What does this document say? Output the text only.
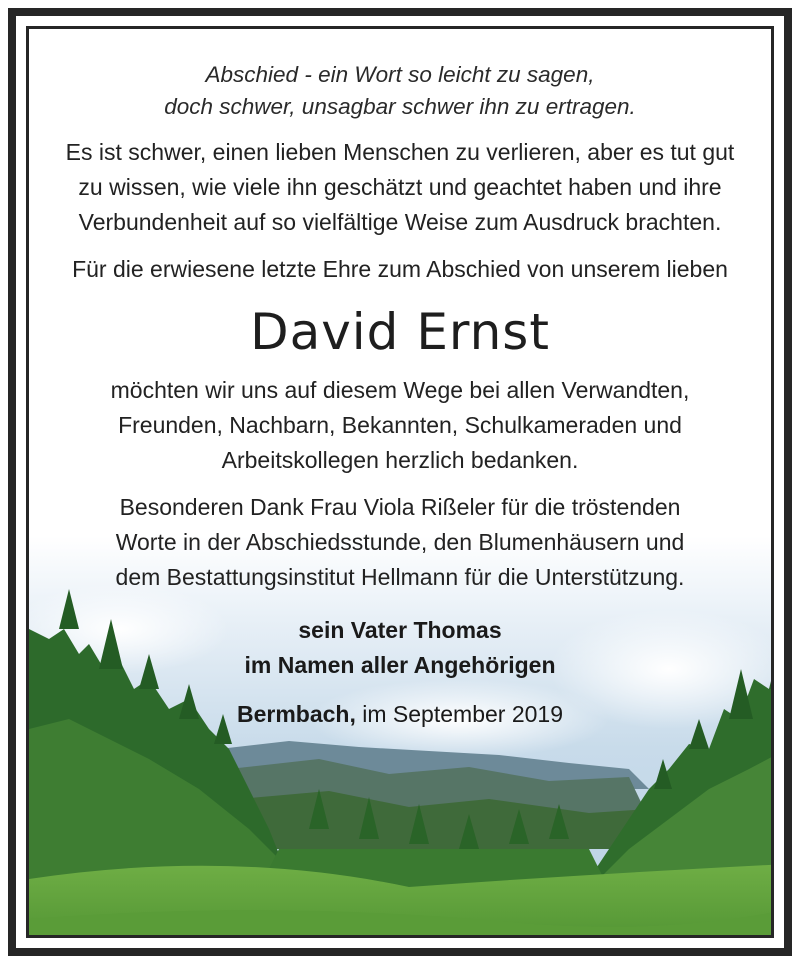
Abschied - ein Wort so leicht zu sagen,
doch schwer, unsagbar schwer ihn zu ertragen.
Es ist schwer, einen lieben Menschen zu verlieren, aber es tut gut
zu wissen, wie viele ihn geschätzt und geachtet haben und ihre
Verbundenheit auf so vielfältige Weise zum Ausdruck brachten.
Für die erwiesene letzte Ehre zum Abschied von unserem lieben
David Ernst
möchten wir uns auf diesem Wege bei allen Verwandten,
Freunden, Nachbarn, Bekannten, Schulkameraden und
Arbeitskollegen herzlich bedanken.
Besonderen Dank Frau Viola Rißeler für die tröstenden
Worte in der Abschiedsstunde, den Blumenhäusern und
dem Bestattungsinstitut Hellmann für die Unterstützung.
sein Vater Thomas
im Namen aller Angehörigen
Bermbach, im September 2019
